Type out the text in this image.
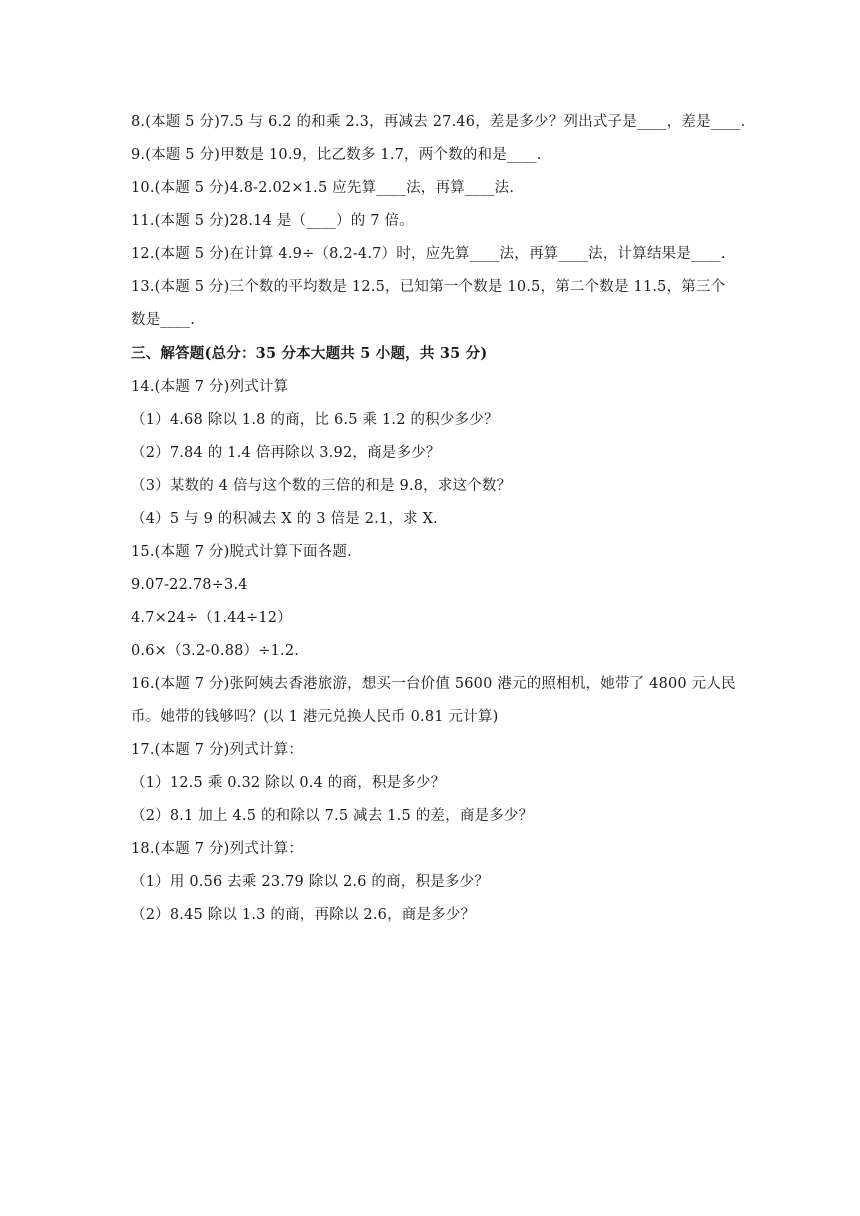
8.(本题 5 分)7.5 与 6.2 的和乘 2.3，再减去 27.46，差是多少？列出式子是____，差是____.
9.(本题 5 分)甲数是 10.9，比乙数多 1.7，两个数的和是____.
10.(本题 5 分)4.8-2.02×1.5 应先算____法，再算____法.
11.(本题 5 分)28.14 是（____）的 7 倍。
12.(本题 5 分)在计算 4.9÷（8.2-4.7）时，应先算____法，再算____法，计算结果是____.
13.(本题 5 分)三个数的平均数是 12.5，已知第一个数是 10.5，第二个数是 11.5，第三个
数是____.
三、解答题(总分：35 分本大题共 5 小题，共 35 分)
14.(本题 7 分)列式计算
（1）4.68 除以 1.8 的商，比 6.5 乘 1.2 的积少多少？
（2）7.84 的 1.4 倍再除以 3.92，商是多少？
（3）某数的 4 倍与这个数的三倍的和是 9.8，求这个数？
（4）5 与 9 的积减去 X 的 3 倍是 2.1，求 X.
15.(本题 7 分)脱式计算下面各题.
9.07-22.78÷3.4
4.7×24÷（1.44÷12）
0.6×（3.2-0.88）÷1.2.
16.(本题 7 分)张阿姨去香港旅游，想买一台价值 5600 港元的照相机，她带了 4800 元人民
币。她带的钱够吗？(以 1 港元兑换人民币 0.81 元计算)
17.(本题 7 分)列式计算：
（1）12.5 乘 0.32 除以 0.4 的商，积是多少？
（2）8.1 加上 4.5 的和除以 7.5 减去 1.5 的差，商是多少？
18.(本题 7 分)列式计算：
（1）用 0.56 去乘 23.79 除以 2.6 的商，积是多少？
（2）8.45 除以 1.3 的商，再除以 2.6，商是多少？
